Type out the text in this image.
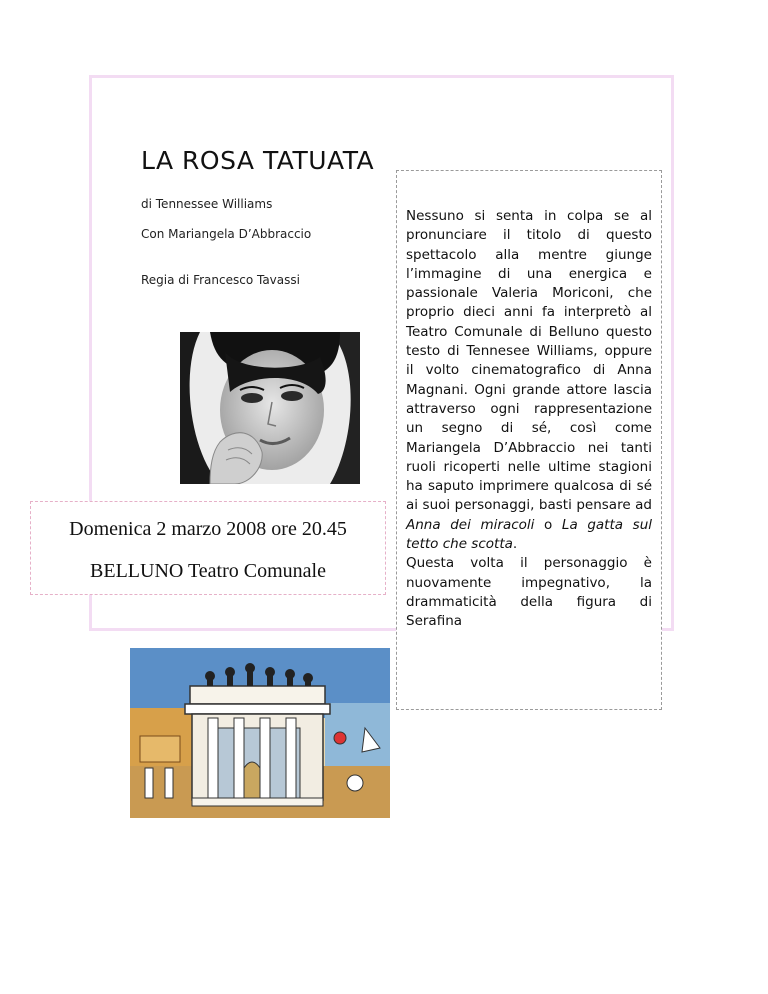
LA ROSA TATUATA
di Tennessee Williams
Con Mariangela D’Abbraccio
Regia di Francesco Tavassi
Domenica 2 marzo 2008 ore 20.45
BELLUNO Teatro Comunale

Nessuno si senta in colpa se al pronunciare il titolo di questo spettacolo alla mentre giunge l’immagine di una energica e passionale Valeria Moriconi, che proprio dieci anni fa interpretò al Teatro Comunale di Belluno questo testo di Tennesee Williams, oppure il volto cinematografico di Anna Magnani. Ogni grande attore lascia attraverso ogni rappresentazione un segno di sé, così come Mariangela D’Abbraccio nei tanti ruoli ricoperti nelle ultime stagioni ha saputo imprimere qualcosa di sé ai suoi personaggi, basti pensare ad Anna dei miracoli o La gatta sul tetto che scotta.

Questa volta il personaggio è nuovamente impegnativo, la drammaticità della figura di Serafina
